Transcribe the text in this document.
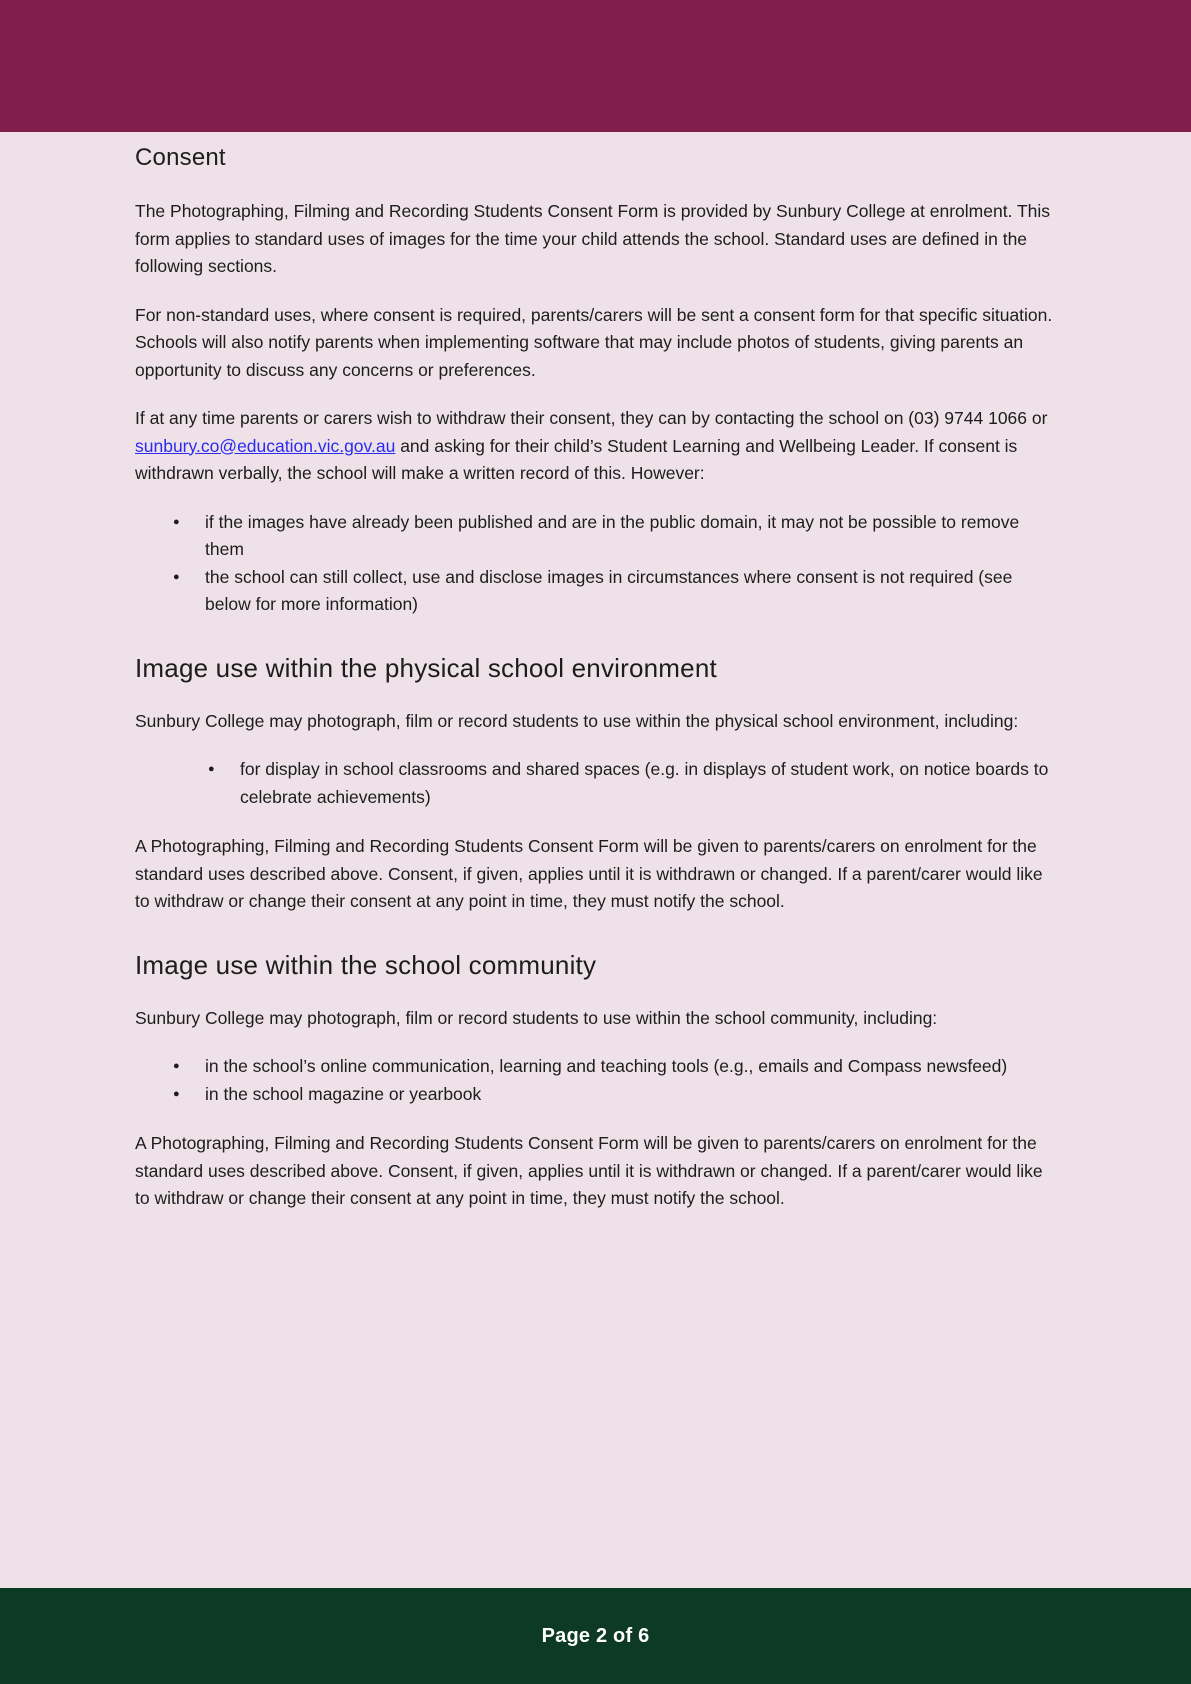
Consent

The Photographing, Filming and Recording Students Consent Form is provided by Sunbury College at enrolment. This form applies to standard uses of images for the time your child attends the school. Standard uses are defined in the following sections.

For non-standard uses, where consent is required, parents/carers will be sent a consent form for that specific situation. Schools will also notify parents when implementing software that may include photos of students, giving parents an opportunity to discuss any concerns or preferences.

If at any time parents or carers wish to withdraw their consent, they can by contacting the school on (03) 9744 1066 or sunbury.co@education.vic.gov.au and asking for their child’s Student Learning and Wellbeing Leader. If consent is withdrawn verbally, the school will make a written record of this. However:

● if the images have already been published and are in the public domain, it may not be possible to remove them
● the school can still collect, use and disclose images in circumstances where consent is not required (see below for more information)
Image use within the physical school environment

Sunbury College may photograph, film or record students to use within the physical school environment, including:

● for display in school classrooms and shared spaces (e.g. in displays of student work, on notice boards to celebrate achievements)

A Photographing, Filming and Recording Students Consent Form will be given to parents/carers on enrolment for the standard uses described above. Consent, if given, applies until it is withdrawn or changed. If a parent/carer would like to withdraw or change their consent at any point in time, they must notify the school.

Image use within the school community

Sunbury College may photograph, film or record students to use within the school community, including:

● in the school’s online communication, learning and teaching tools (e.g., emails and Compass newsfeed)
● in the school magazine or yearbook

A Photographing, Filming and Recording Students Consent Form will be given to parents/carers on enrolment for the standard uses described above. Consent, if given, applies until it is withdrawn or changed. If a parent/carer would like to withdraw or change their consent at any point in time, they must notify the school.

Page 2 of 6
